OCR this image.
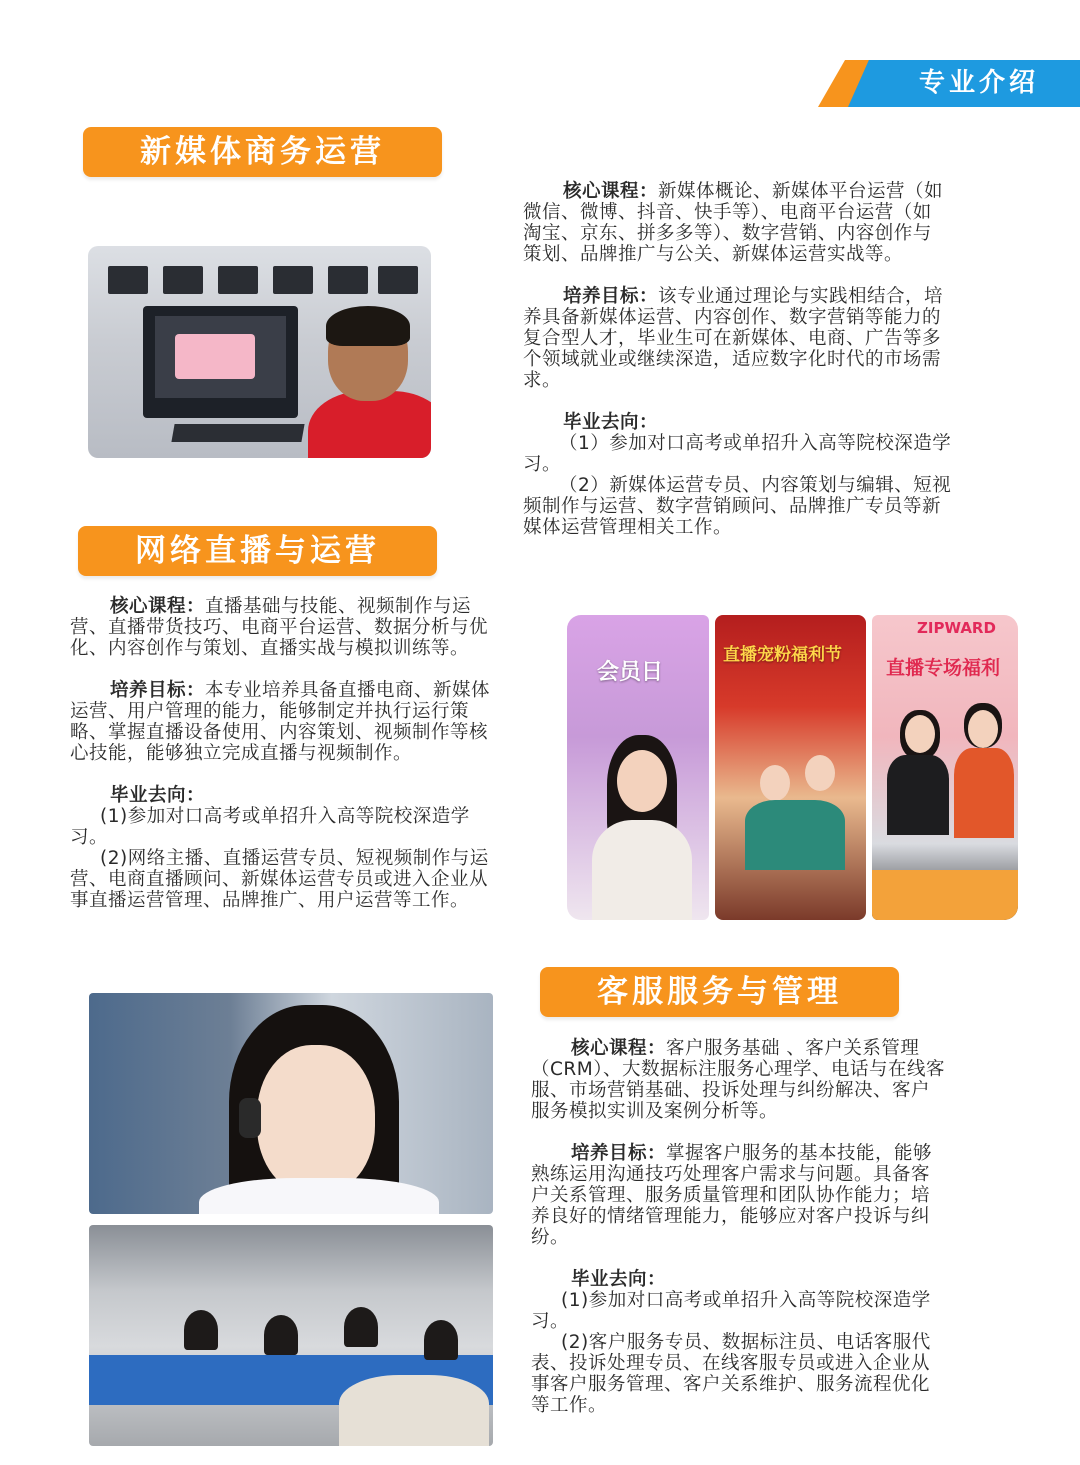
专业介绍
新媒体商务运营

核心课程：新媒体概论、新媒体平台运营（如
微信、微博、抖音、快手等）、电商平台运营（如
淘宝、京东、拼多多等）、数字营销、内容创作与
策划、品牌推广与公关、新媒体运营实战等。

培养目标：该专业通过理论与实践相结合，培
养具备新媒体运营、内容创作、数字营销等能力的
复合型人才，毕业生可在新媒体、电商、广告等多
个领域就业或继续深造，适应数字化时代的市场需
求。

毕业去向：
（1）参加对口高考或单招升入高等院校深造学
习。
（2）新媒体运营专员、内容策划与编辑、短视
频制作与运营、数字营销顾问、品牌推广专员等新
媒体运营管理相关工作。

网络直播与运营

核心课程：直播基础与技能、视频制作与运
营、直播带货技巧、电商平台运营、数据分析与优
化、内容创作与策划、直播实战与模拟训练等。

培养目标：本专业培养具备直播电商、新媒体
运营、用户管理的能力，能够制定并执行运行策
略、掌握直播设备使用、内容策划、视频制作等核
心技能，能够独立完成直播与视频制作。

毕业去向：
(1)参加对口高考或单招升入高等院校深造学
习。
(2)网络主播、直播运营专员、短视频制作与运
营、电商直播顾问、新媒体运营专员或进入企业从
事直播运营管理、品牌推广、用户运营等工作。

会员日
直播宠粉福利节
ZIPWARD
直播专场福利
客服服务与管理

核心课程：客户服务基础 、客户关系管理
（CRM）、大数据标注服务心理学、电话与在线客
服、市场营销基础、投诉处理与纠纷解决、客户
服务模拟实训及案例分析等。

培养目标：掌握客户服务的基本技能，能够
熟练运用沟通技巧处理客户需求与问题。具备客
户关系管理、服务质量管理和团队协作能力；培
养良好的情绪管理能力，能够应对客户投诉与纠
纷。

毕业去向：
(1)参加对口高考或单招升入高等院校深造学
习。
(2)客户服务专员、数据标注员、电话客服代
表、投诉处理专员、在线客服专员或进入企业从
事客户服务管理、客户关系维护、服务流程优化
等工作。
